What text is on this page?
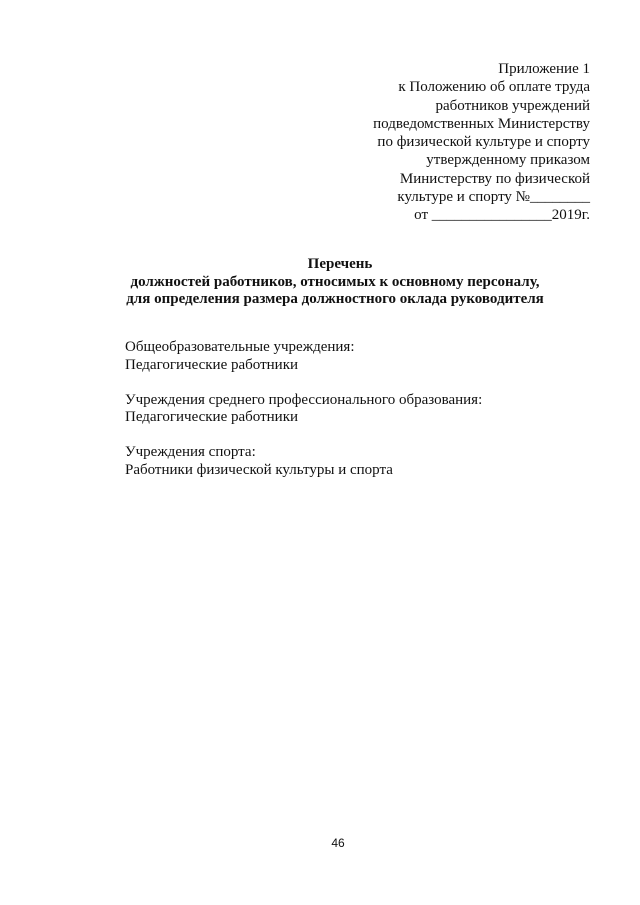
Приложение 1
к Положению об оплате труда
работников учреждений
подведомственных Министерству
по физической культуре и спорту
утвержденному приказом
Министерству по физической
культуре и спорту №________
от ________________2019г.
Перечень
должностей работников, относимых к основному персоналу,
для определения размера должностного оклада руководителя
Общеобразовательные учреждения:
Педагогические работники
Учреждения среднего профессионального образования:
Педагогические работники
Учреждения спорта:
Работники физической культуры и спорта
46
